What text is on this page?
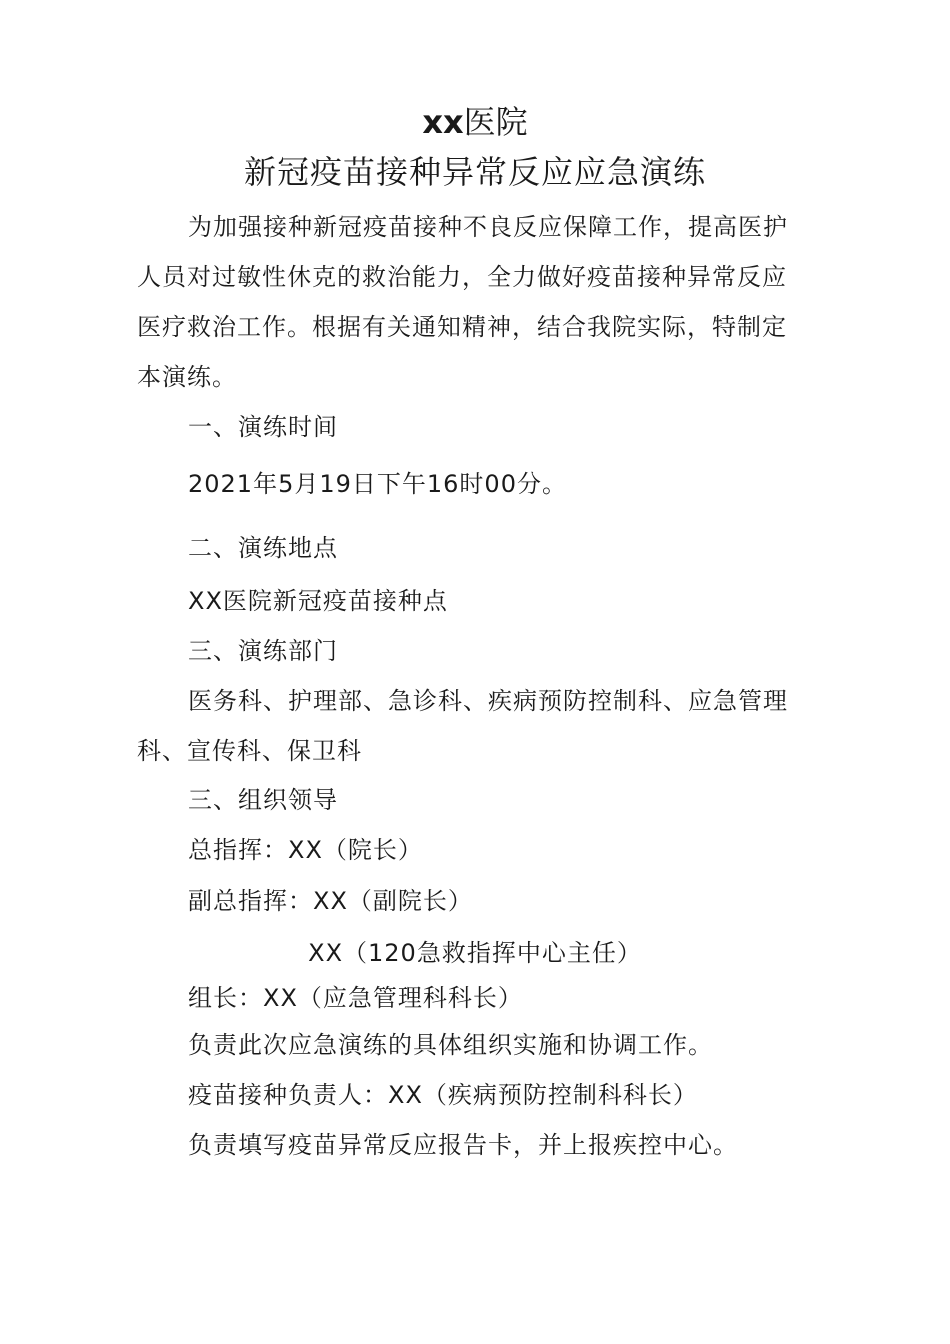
xx医院
新冠疫苗接种异常反应应急演练
为加强接种新冠疫苗接种不良反应保障工作，提高医护
人员对过敏性休克的救治能力，全力做好疫苗接种异常反应
医疗救治工作。根据有关通知精神，结合我院实际，特制定
本演练。
一、演练时间
2021年5月19日下午16时00分。
二、演练地点
XX医院新冠疫苗接种点
三、演练部门
医务科、护理部、急诊科、疾病预防控制科、应急管理
科、宣传科、保卫科
三、组织领导
总指挥：XX（院长）
副总指挥：XX（副院长）
XX（120急救指挥中心主任）
组长：XX（应急管理科科长）
负责此次应急演练的具体组织实施和协调工作。
疫苗接种负责人：XX（疾病预防控制科科长）
负责填写疫苗异常反应报告卡，并上报疾控中心。
